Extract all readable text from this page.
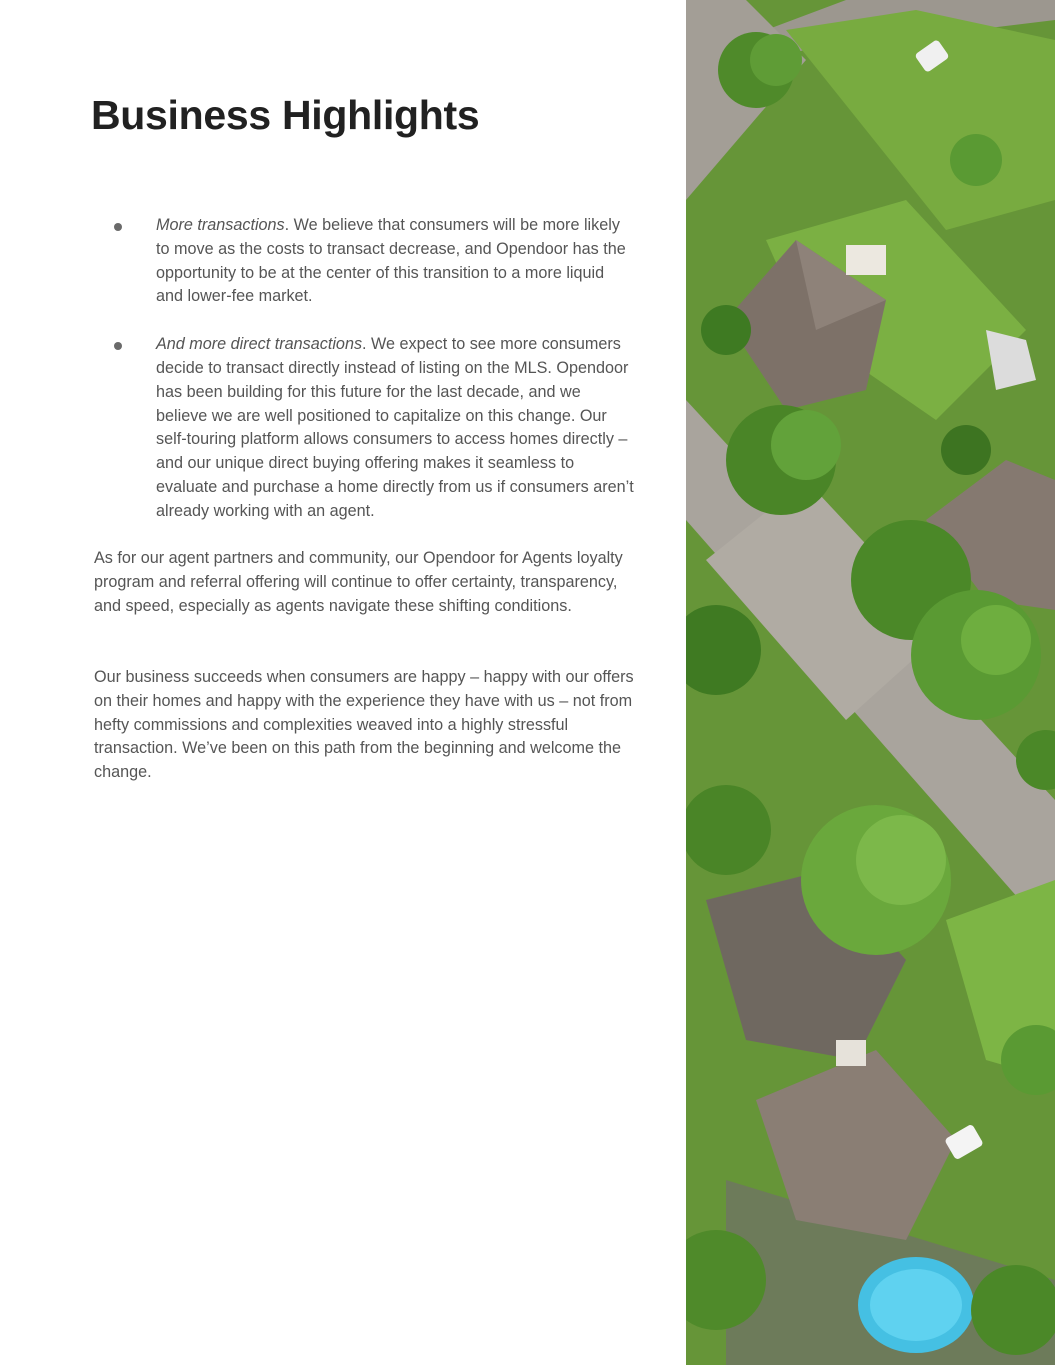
Business Highlights
More transactions. We believe that consumers will be more likely to move as the costs to transact decrease, and Opendoor has the opportunity to be at the center of this transition to a more liquid and lower-fee market.
And more direct transactions. We expect to see more consumers decide to transact directly instead of listing on the MLS. Opendoor has been building for this future for the last decade, and we believe we are well positioned to capitalize on this change. Our self-touring platform allows consumers to access homes directly – and our unique direct buying offering makes it seamless to evaluate and purchase a home directly from us if consumers aren’t already working with an agent.

As for our agent partners and community, our Opendoor for Agents loyalty program and referral offering will continue to offer certainty, transparency, and speed, especially as agents navigate these shifting conditions.

Our business succeeds when consumers are happy – happy with our offers on their homes and happy with the experience they have with us – not from hefty commissions and complexities weaved into a highly stressful transaction. We’ve been on this path from the beginning and welcome the change.
